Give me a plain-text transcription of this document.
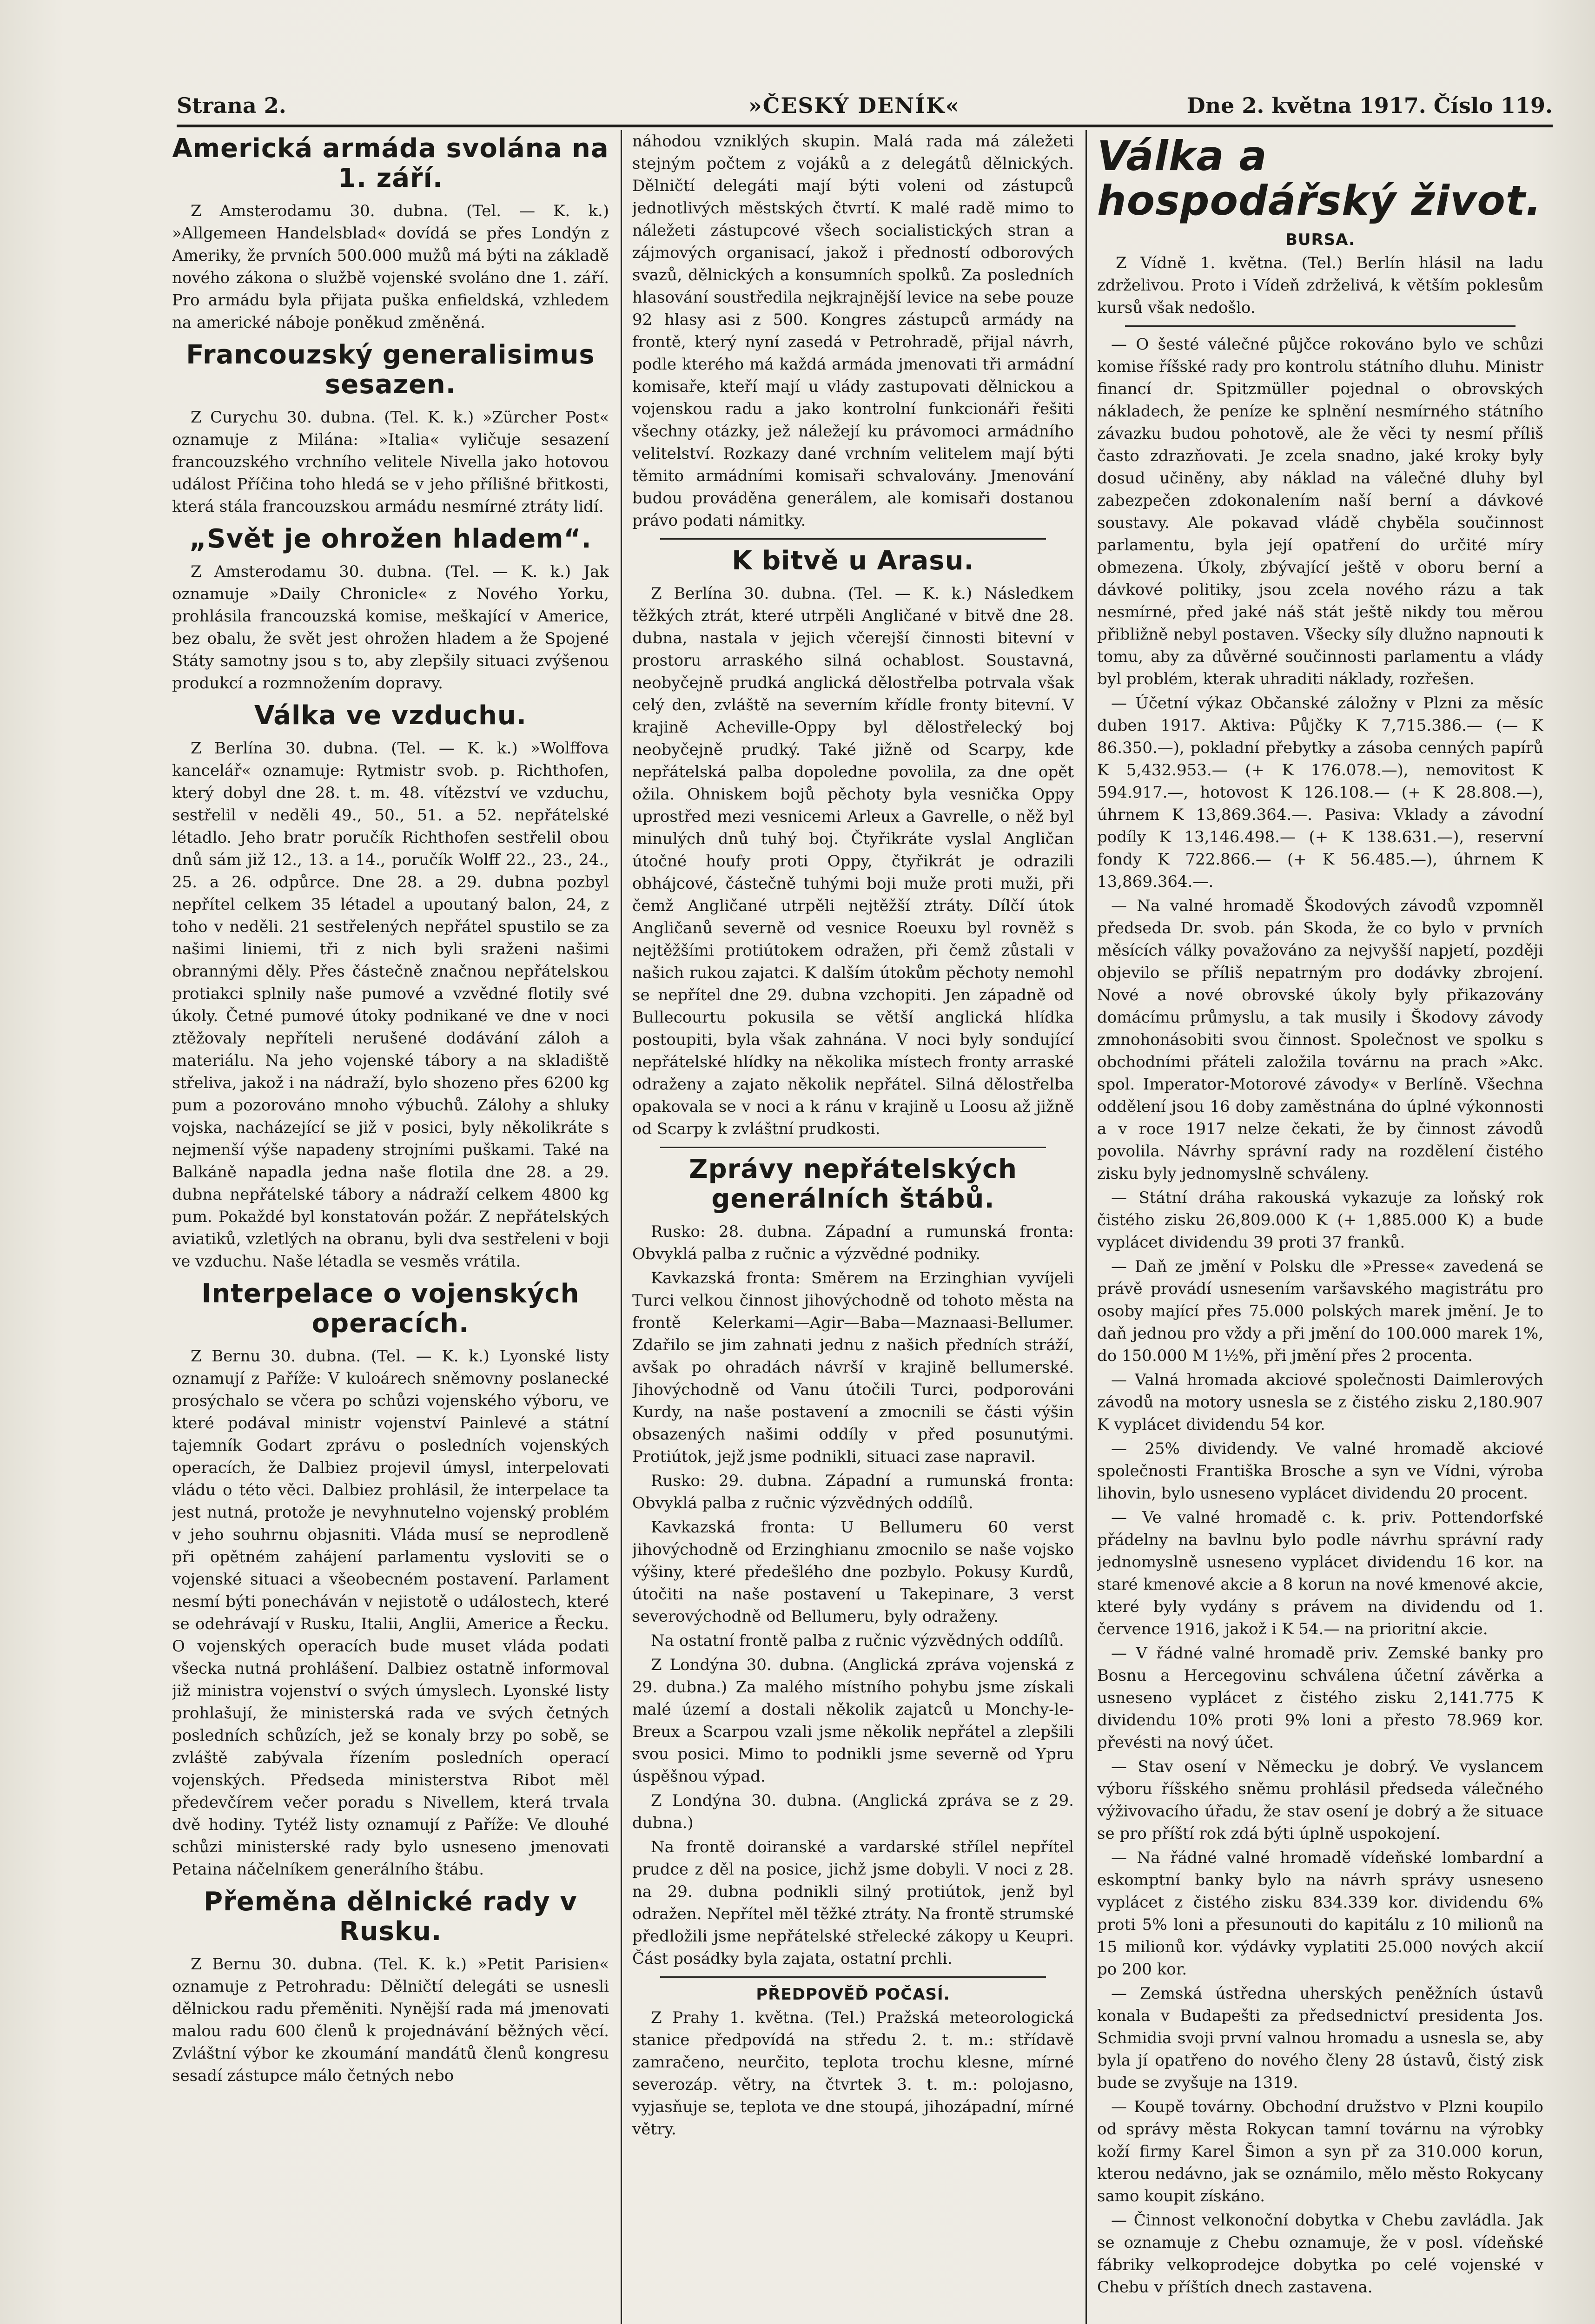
Strana 2.	»ČESKÝ DENÍK«	Dne 2. května 1917. Číslo 119.
Americká armáda svolána na 1. září.

Z Amsterodamu 30. dubna. (Tel. — K. k.) »Allgemeen Handelsblad« dovídá se přes Londýn z Ameriky, že prvních 500.000 mužů má býti na základě nového zákona o službě vojenské svoláno dne 1. září. Pro armádu byla přijata puška enfieldská, vzhledem na americké náboje poněkud změněná.

Francouzský generalisimus sesazen.

Z Curychu 30. dubna. (Tel. K. k.) »Zürcher Post« oznamuje z Milána: »Italia« vyličuje sesazení francouzského vrchního velitele Nivella jako hotovou událost Příčina toho hledá se v jeho přílišné břitkosti, která stála francouzskou armádu nesmírné ztráty lidí.

„Svět je ohrožen hladem“.

Z Amsterodamu 30. dubna. (Tel. — K. k.) Jak oznamuje »Daily Chronicle« z Nového Yorku, prohlásila francouzská komise, meškající v Americe, bez obalu, že svět jest ohrožen hladem a že Spojené Státy samotny jsou s to, aby zlepšily situaci zvýšenou produkcí a rozmnožením dopravy.

Válka ve vzduchu.

Z Berlína 30. dubna. (Tel. — K. k.) »Wolffova kancelář« oznamuje: Rytmistr svob. p. Richthofen, který dobyl dne 28. t. m. 48. vítězství ve vzduchu, sestřelil v neděli 49., 50., 51. a 52. nepřátelské létadlo. Jeho bratr poručík Richthofen sestřelil obou dnů sám již 12., 13. a 14., poručík Wolff 22., 23., 24., 25. a 26. odpůrce. Dne 28. a 29. dubna pozbyl nepřítel celkem 35 létadel a upoutaný balon, 24, z toho v neděli. 21 sestřelených nepřátel spustilo se za našimi liniemi, tři z nich byli sraženi našimi obrannými děly. Přes částečně značnou nepřátelskou protiakci splnily naše pumové a vzvědné flotily své úkoly. Četné pumové útoky podnikané ve dne v noci ztěžovaly nepříteli nerušené dodávání záloh a materiálu. Na jeho vojenské tábory a na skladiště střeliva, jakož i na nádraží, bylo shozeno přes 6200 kg pum a pozorováno mnoho výbuchů. Zálohy a shluky vojska, nacházející se již v posici, byly několikráte s nejmenší výše napadeny strojními puškami. Také na Balkáně napadla jedna naše flotila dne 28. a 29. dubna nepřátelské tábory a nádraží celkem 4800 kg pum. Pokaždé byl konstatován požár. Z nepřátelských aviatiků, vzletlých na obranu, byli dva sestřeleni v boji ve vzduchu. Naše létadla se vesměs vrátila.

Interpelace o vojenských operacích.

Z Bernu 30. dubna. (Tel. — K. k.) Lyonské listy oznamují z Paříže: V kuloárech sněmovny poslanecké prosýchalo se včera po schůzi vojenského výboru, ve které podával ministr vojenství Painlevé a státní tajemník Godart zprávu o posledních vojenských operacích, že Dalbiez projevil úmysl, interpelovati vládu o této věci. Dalbiez prohlásil, že interpelace ta jest nutná, protože je nevyhnutelno vojenský problém v jeho souhrnu objasniti. Vláda musí se neprodleně při opětném zahájení parlamentu vysloviti se o vojenské situaci a všeobecném postavení. Parlament nesmí býti ponecháván v nejistotě o událostech, které se odehrávají v Rusku, Italii, Anglii, Americe a Řecku. O vojenských operacích bude muset vláda podati všecka nutná prohlášení. Dalbiez ostatně informoval již ministra vojenství o svých úmyslech. Lyonské listy prohlašují, že ministerská rada ve svých četných posledních schůzích, jež se konaly brzy po sobě, se zvláště zabývala řízením posledních operací vojenských. Předseda ministerstva Ribot měl předevčírem večer poradu s Nivellem, která trvala dvě hodiny. Tytéž listy oznamují z Paříže: Ve dlouhé schůzi ministerské rady bylo usneseno jmenovati Petaina náčelníkem generálního štábu.

Přeměna dělnické rady v Rusku.

Z Bernu 30. dubna. (Tel. K. k.) »Petit Parisien« oznamuje z Petrohradu: Dělničtí delegáti se usnesli dělnickou radu přeměniti. Nynější rada má jmenovati malou radu 600 členů k projednávání běžných věcí. Zvláštní výbor ke zkoumání mandátů členů kongresu sesadí zástupce málo četných nebo

náhodou vzniklých skupin. Malá rada má záležeti stejným počtem z vojáků a z delegátů dělnických. Dělničtí delegáti mají býti voleni od zástupců jednotlivých městských čtvrtí. K malé radě mimo to náležeti zástupcové všech socialistických stran a zájmových organisací, jakož i předností odborových svazů, dělnických a konsumních spolků. Za posledních hlasování soustředila nejkrajnější levice na sebe pouze 92 hlasy asi z 500. Kongres zástupců armády na frontě, který nyní zasedá v Petrohradě, přijal návrh, podle kterého má každá armáda jmenovati tři armádní komisaře, kteří mají u vlády zastupovati dělnickou a vojenskou radu a jako kontrolní funkcionáři řešiti všechny otázky, jež náležejí ku právomoci armádního velitelství. Rozkazy dané vrchním velitelem mají býti těmito armádními komisaři schvalovány. Jmenování budou prováděna generálem, ale komisaři dostanou právo podati námitky.

K bitvě u Arasu.

Z Berlína 30. dubna. (Tel. — K. k.) Následkem těžkých ztrát, které utrpěli Angličané v bitvě dne 28. dubna, nastala v jejich včerejší činnosti bitevní v prostoru arraského silná ochablost. Soustavná, neobyčejně prudká anglická dělostřelba potrvala však celý den, zvláště na severním křídle fronty bitevní. V krajině Acheville-Oppy byl dělostřelecký boj neobyčejně prudký. Také jižně od Scarpy, kde nepřátelská palba dopoledne povolila, za dne opět ožila. Ohniskem bojů pěchoty byla vesnička Oppy uprostřed mezi vesnicemi Arleux a Gavrelle, o něž byl minulých dnů tuhý boj. Čtyřikráte vyslal Angličan útočné houfy proti Oppy, čtyřikrát je odrazili obhájcové, částečně tuhými boji muže proti muži, při čemž Angličané utrpěli nejtěžší ztráty. Dílčí útok Angličanů severně od vesnice Roeuxu byl rovněž s nejtěžšími protiútokem odražen, při čemž zůstali v našich rukou zajatci. K dalším útokům pěchoty nemohl se nepřítel dne 29. dubna vzchopiti. Jen západně od Bullecourtu pokusila se větší anglická hlídka postoupiti, byla však zahnána. V noci byly sondující nepřátelské hlídky na několika místech fronty arraské odraženy a zajato několik nepřátel. Silná dělostřelba opakovala se v noci a k ránu v krajině u Loosu až jižně od Scarpy k zvláštní prudkosti.

Zprávy nepřátelských generálních štábů.

Rusko: 28. dubna. Západní a rumunská fronta: Obvyklá palba z ručnic a výzvědné podniky.

Kavkazská fronta: Směrem na Erzinghian vyvíjeli Turci velkou činnost jihovýchodně od tohoto města na frontě Kelerkami—Agir—Baba—Maznaasi-Bellumer. Zdařilo se jim zahnati jednu z našich předních stráží, avšak po ohradách návrší v krajině bellumerské. Jihovýchodně od Vanu útočili Turci, podporováni Kurdy, na naše postavení a zmocnili se části výšin obsazených našimi oddíly v před posunutými. Protiútok, jejž jsme podnikli, situaci zase napravil.

Rusko: 29. dubna. Západní a rumunská fronta: Obvyklá palba z ručnic výzvědných oddílů.

Kavkazská fronta: U Bellumeru 60 verst jihovýchodně od Erzinghianu zmocnilo se naše vojsko výšiny, které předešlého dne pozbylo. Pokusy Kurdů, útočiti na naše postavení u Takepinare, 3 verst severovýchodně od Bellumeru, byly odraženy.

Na ostatní frontě palba z ručnic výzvědných oddílů.

Z Londýna 30. dubna. (Anglická zpráva vojenská z 29. dubna.) Za malého místního pohybu jsme získali malé území a dostali několik zajatců u Monchy-le-Breux a Scarpou vzali jsme několik nepřátel a zlepšili svou posici. Mimo to podnikli jsme severně od Ypru úspěšnou výpad.

Z Londýna 30. dubna. (Anglická zpráva se z 29. dubna.)

Na frontě doiranské a vardarské střílel nepřítel prudce z děl na posice, jichž jsme dobyli. V noci z 28. na 29. dubna podnikli silný protiútok, jenž byl odražen. Nepřítel měl těžké ztráty. Na frontě strumské předložili jsme nepřátelské střelecké zákopy u Keupri. Část posádky byla zajata, ostatní prchli.

PŘEDPOVĚĎ POČASÍ.

Z Prahy 1. května. (Tel.) Pražská meteorologická stanice předpovídá na středu 2. t. m.: střídavě zamračeno, neurčito, teplota trochu klesne, mírné severozáp. větry, na čtvrtek 3. t. m.: polojasno, vyjasňuje se, teplota ve dne stoupá, jihozápadní, mírné větry.

Válka a hospodářský život.
BURSA.

Z Vídně 1. května. (Tel.) Berlín hlásil na ladu zdrželivou. Proto i Vídeň zdrželivá, k větším poklesům kursů však nedošlo.

— O šesté válečné půjčce rokováno bylo ve schůzi komise říšské rady pro kontrolu státního dluhu. Ministr financí dr. Spitzmüller pojednal o obrovských nákladech, že peníze ke splnění nesmírného státního závazku budou pohotově, ale že věci ty nesmí příliš často zdrazňovati. Je zcela snadno, jaké kroky byly dosud učiněny, aby náklad na válečné dluhy byl zabezpečen zdokonalením naší berní a dávkové soustavy. Ale pokavad vládě chyběla součinnost parlamentu, byla její opatření do určité míry obmezena. Úkoly, zbývající ještě v oboru berní a dávkové politiky, jsou zcela nového rázu a tak nesmírné, před jaké náš stát ještě nikdy tou měrou přibližně nebyl postaven. Všecky síly dlužno napnouti k tomu, aby za důvěrné součinnosti parlamentu a vlády byl problém, kterak uhraditi náklady, rozřešen.

— Účetní výkaz Občanské záložny v Plzni za měsíc duben 1917. Aktiva: Půjčky K 7,715.386.— (— K 86.350.—), pokladní přebytky a zásoba cenných papírů K 5,432.953.— (+ K 176.078.—), nemovitost K 594.917.—, hotovost K 126.108.— (+ K 28.808.—), úhrnem K 13,869.364.—. Pasiva: Vklady a závodní podíly K 13,146.498.— (+ K 138.631.—), reservní fondy K 722.866.— (+ K 56.485.—), úhrnem K 13,869.364.—.

— Na valné hromadě Škodových závodů vzpomněl předseda Dr. svob. pán Skoda, že co bylo v prvních měsících války považováno za nejvyšší napjetí, později objevilo se příliš nepatrným pro dodávky zbrojení. Nové a nové obrovské úkoly byly přikazovány domácímu průmyslu, a tak musily i Škodovy závody zmnohonásobiti svou činnost. Společnost ve spolku s obchodními přáteli založila továrnu na prach »Akc. spol. Imperator-Motorové závody« v Berlíně. Všechna oddělení jsou 16 doby zaměstnána do úplné výkonnosti a v roce 1917 nelze čekati, že by činnost závodů povolila. Návrhy správní rady na rozdělení čistého zisku byly jednomyslně schváleny.

— Státní dráha rakouská vykazuje za loňský rok čistého zisku 26,809.000 K (+ 1,885.000 K) a bude vyplácet dividendu 39 proti 37 franků.

— Daň ze jmění v Polsku dle »Presse« zavedená se právě provádí usnesením varšavského magistrátu pro osoby mající přes 75.000 polských marek jmění. Je to daň jednou pro vždy a při jmění do 100.000 marek 1%, do 150.000 M 1½%, při jmění přes 2 procenta.

— Valná hromada akciové společnosti Daimlerových závodů na motory usnesla se z čistého zisku 2,180.907 K vyplácet dividendu 54 kor.

— 25% dividendy. Ve valné hromadě akciové společnosti Františka Brosche a syn ve Vídni, výroba lihovin, bylo usneseno vyplácet dividendu 20 procent.

— Ve valné hromadě c. k. priv. Pottendorfské přádelny na bavlnu bylo podle návrhu správní rady jednomyslně usneseno vyplácet dividendu 16 kor. na staré kmenové akcie a 8 korun na nové kmenové akcie, které byly vydány s právem na dividendu od 1. července 1916, jakož i K 54.— na prioritní akcie.

— V řádné valné hromadě priv. Zemské banky pro Bosnu a Hercegovinu schválena účetní závěrka a usneseno vyplácet z čistého zisku 2,141.775 K dividendu 10% proti 9% loni a přesto 78.969 kor. převésti na nový účet.

— Stav osení v Německu je dobrý. Ve vyslancem výboru říšského sněmu prohlásil předseda válečného výživovacího úřadu, že stav osení je dobrý a že situace se pro příští rok zdá býti úplně uspokojení.

— Na řádné valné hromadě vídeňské lombardní a eskomptní banky bylo na návrh správy usneseno vyplácet z čistého zisku 834.339 kor. dividendu 6% proti 5% loni a přesunouti do kapitálu z 10 milionů na 15 milionů kor. výdávky vyplatiti 25.000 nových akcií po 200 kor.

— Zemská ústředna uherských peněžních ústavů konala v Budapešti za předsednictví presidenta Jos. Schmidia svoji první valnou hromadu a usnesla se, aby byla jí opatřeno do nového členy 28 ústavů, čistý zisk bude se zvyšuje na 1319.

— Koupě továrny. Obchodní družstvo v Plzni koupilo od správy města Rokycan tamní továrnu na výrobky koží firmy Karel Šimon a syn př za 310.000 korun, kterou nedávno, jak se oznámilo, mělo město Rokycany samo koupit získáno.

— Činnost velkonoční dobytka v Chebu zavládla. Jak se oznamuje z Chebu oznamuje, že v posl. vídeňské fábriky velkoprodejce dobytka po celé vojenské v Chebu v příštích dnech zastavena.
